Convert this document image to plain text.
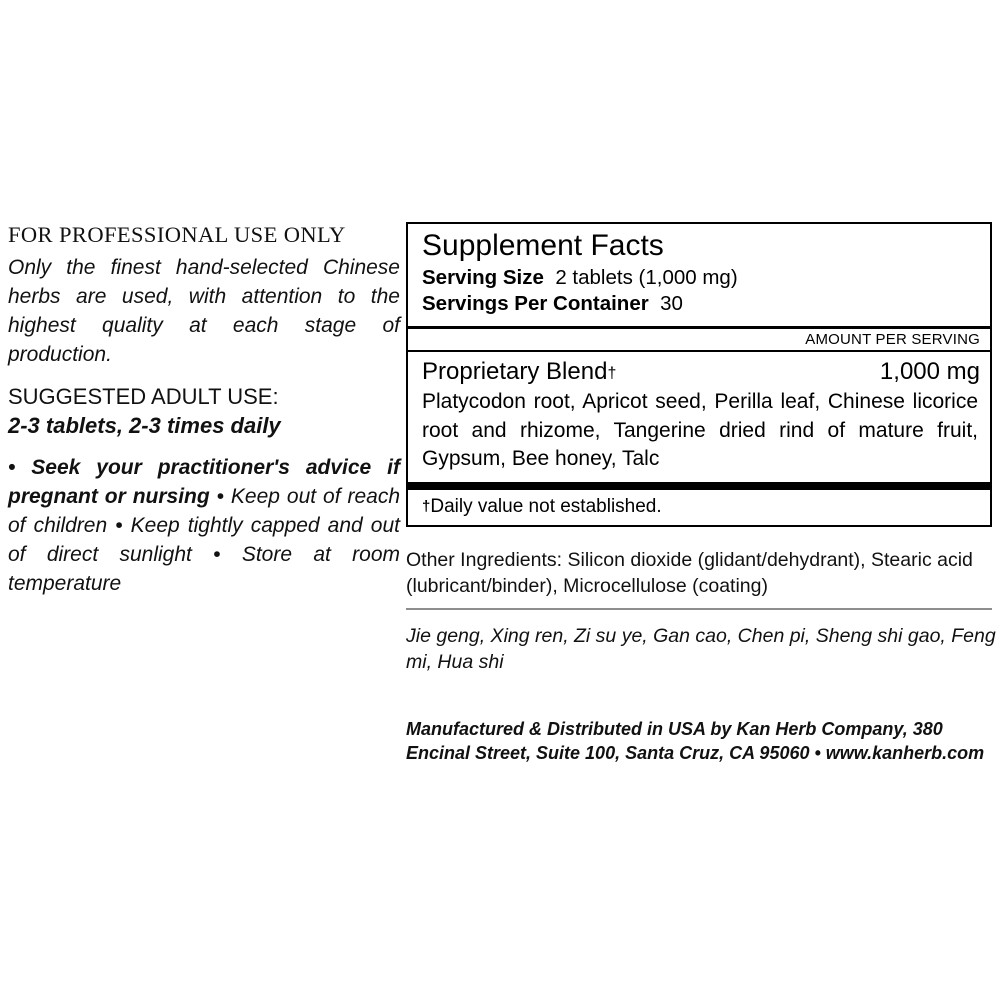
FOR PROFESSIONAL USE ONLY
Only the finest hand-selected Chinese herbs are used, with attention to the highest quality at each stage of production.
SUGGESTED ADULT USE:
2-3 tablets, 2-3 times daily
• Seek your practitioner's advice if pregnant or nursing • Keep out of reach of children • Keep tightly capped and out of direct sunlight • Store at room temperature
Supplement Facts
Serving Size 2 tablets (1,000 mg)
Servings Per Container 30
AMOUNT PER SERVING
Proprietary Blend†	1,000 mg
Platycodon root, Apricot seed, Perilla leaf, Chinese licorice root and rhizome, Tangerine dried rind of mature fruit, Gypsum, Bee honey, Talc
†Daily value not established.
Other Ingredients: Silicon dioxide (glidant/dehydrant), Stearic acid (lubricant/binder), Microcellulose (coating)
Jie geng, Xing ren, Zi su ye, Gan cao, Chen pi, Sheng shi gao, Feng mi, Hua shi
Manufactured & Distributed in USA by Kan Herb Company, 380 Encinal Street, Suite 100, Santa Cruz, CA 95060 • www.kanherb.com
